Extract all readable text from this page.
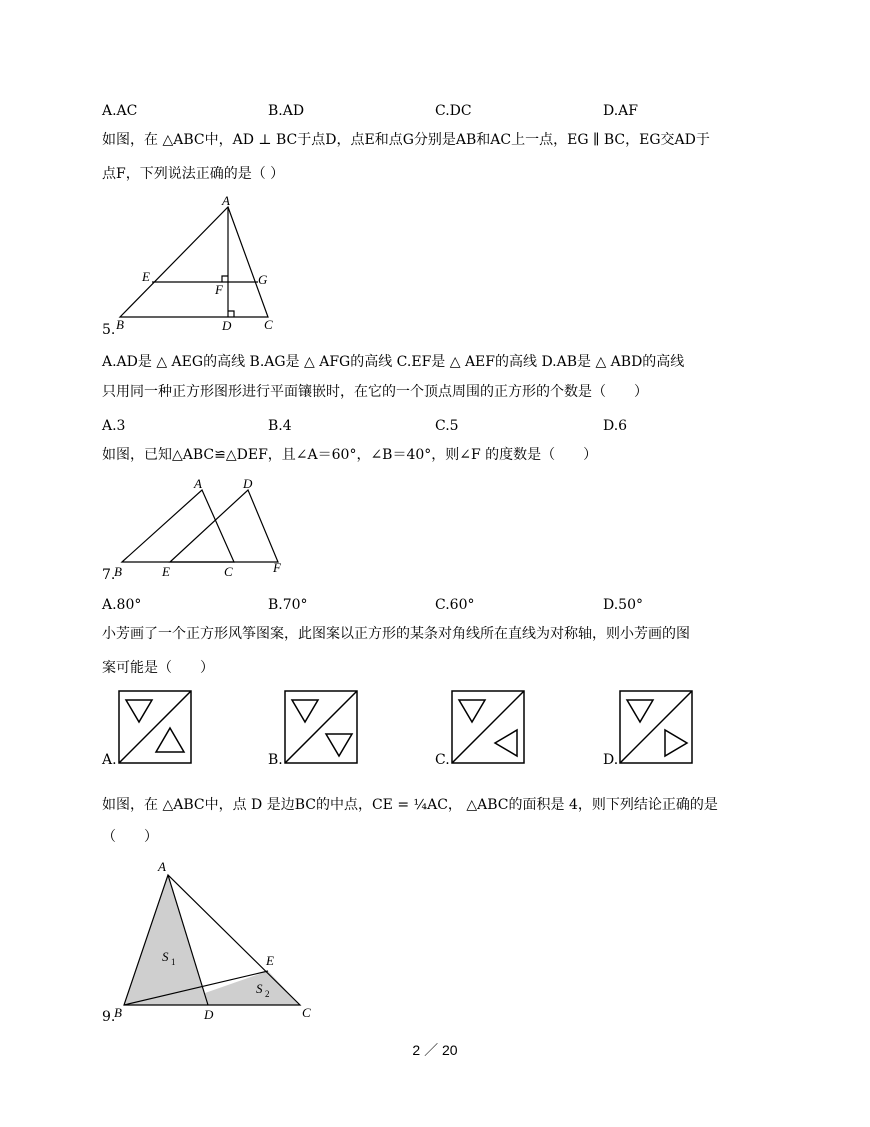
A.AC	B.AD	C.DC	D.AF
如图，在 △ABC中，AD ⊥ BC于点D，点E和点G分别是AB和AC上一点，EG ∥ BC，EG交AD于
点F，下列说法正确的是（ ）
A
B	C
D
E
F
G
5.
A.AD是 △ AEG的高线 B.AG是 △ AFG的高线 C.EF是 △ AEF的高线 D.AB是 △ ABD的高线
只用同一种正方形图形进行平面镶嵌时，在它的一个顶点周围的正方形的个数是（　　）
A.3	B.4	C.5	D.6
如图，已知△ABC≌△DEF，且∠A＝60°，∠B＝40°，则∠F 的度数是（　　）
A	D
B	E	C	F
7.
A.80°	B.70°	C.60°	D.50°
小芳画了一个正方形风筝图案，此图案以正方形的某条对角线所在直线为对称轴，则小芳画的图
案可能是（　　）
A.	B.	C.	D.
如图，在 △ABC中，点 D 是边BC的中点，CE = ¼AC， △ABC的面积是 4，则下列结论正确的是
（　　）
A
B	D	C
E
S 1
S 2
9.
2 ／ 20
